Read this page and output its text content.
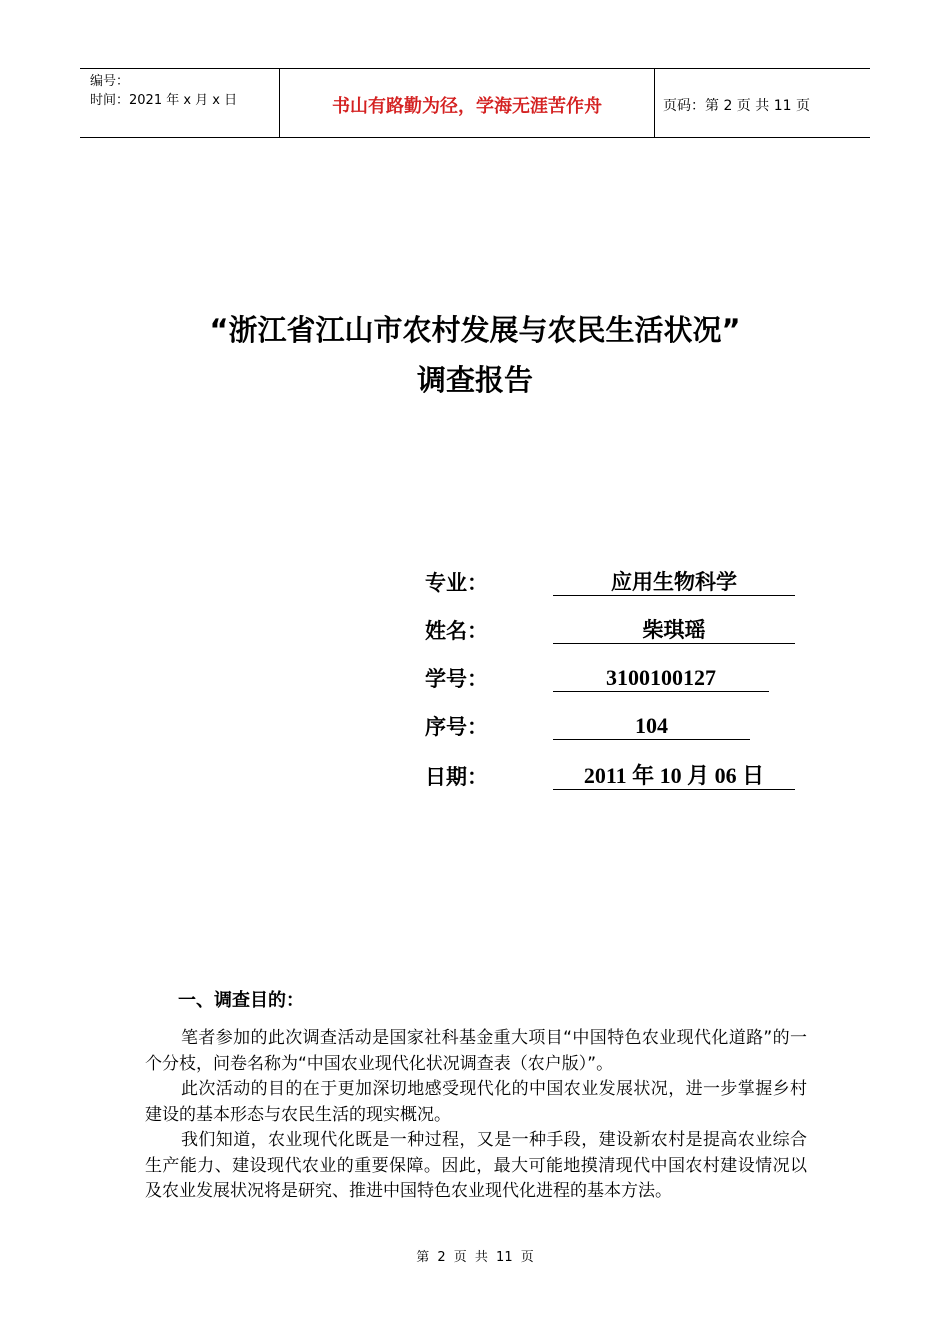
编号：
时间：2021 年 x 月 x 日	书山有路勤为径，学海无涯苦作舟	页码：第 2 页 共 11 页
“浙江省江山市农村发展与农民生活状况”
调查报告
专业：	应用生物科学
姓名：	柴琪瑶
学号：	3100100127
序号：	104
日期：	2011 年 10 月 06 日
一、调查目的：

笔者参加的此次调查活动是国家社科基金重大项目“中国特色农业现代化道路”的一个分枝，问卷名称为“中国农业现代化状况调查表（农户版）”。

此次活动的目的在于更加深切地感受现代化的中国农业发展状况，进一步掌握乡村建设的基本形态与农民生活的现实概况。

我们知道，农业现代化既是一种过程，又是一种手段，建设新农村是提高农业综合生产能力、建设现代农业的重要保障。因此，最大可能地摸清现代中国农村建设情况以及农业发展状况将是研究、推进中国特色农业现代化进程的基本方法。

第 2 页 共 11 页
